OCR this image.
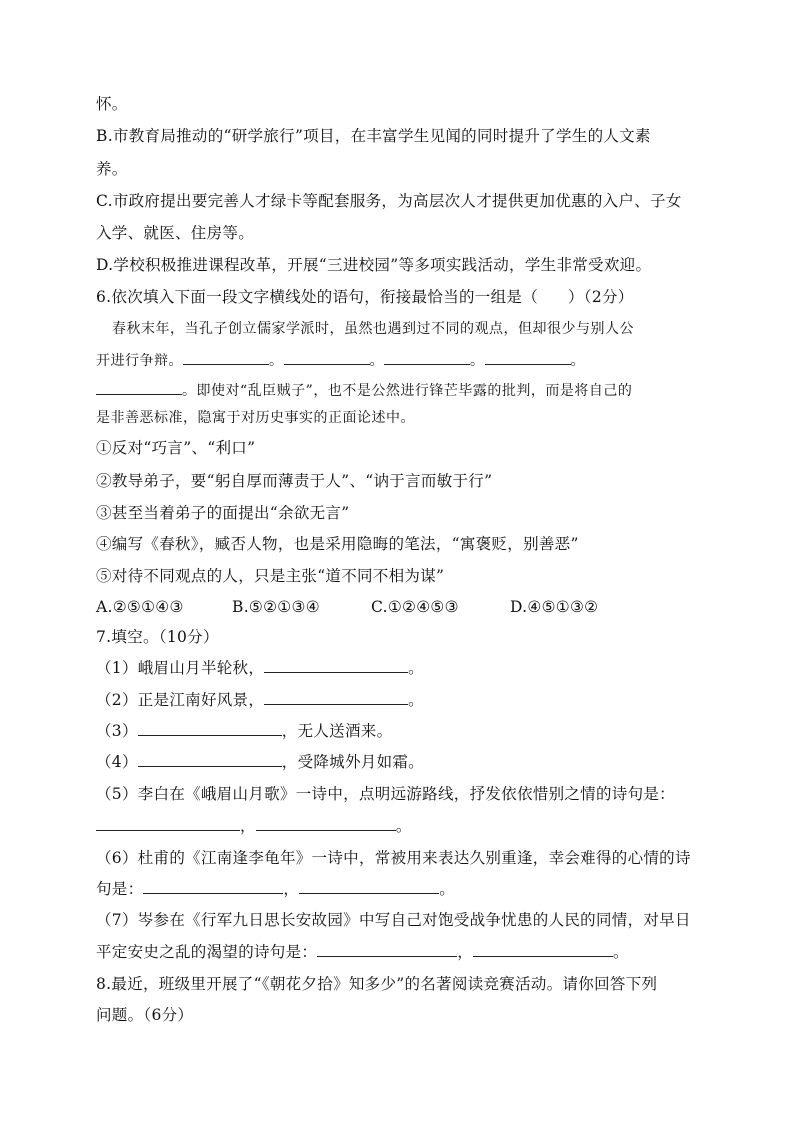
怀。
B.市教育局推动的“研学旅行”项目，在丰富学生见闻的同时提升了学生的人文素
养。
C.市政府提出要完善人才绿卡等配套服务，为高层次人才提供更加优惠的入户、子女
入学、就医、住房等。
D.学校积极推进课程改革，开展“三进校园”等多项实践活动，学生非常受欢迎。
6.依次填入下面一段文字横线处的语句，衔接最恰当的一组是（ ）（2分）
春秋末年，当孔子创立儒家学派时，虽然也遇到过不同的观点，但却很少与别人公
开进行争辩。	。	。	。	。
。即使对“乱臣贼子”，也不是公然进行锋芒毕露的批判，而是将自己的
是非善恶标准，隐寓于对历史事实的正面论述中。
①反对“巧言”、“利口”
②教导弟子，要“躬自厚而薄责于人”、“讷于言而敏于行”
③甚至当着弟子的面提出“余欲无言”
④编写《春秋》，臧否人物，也是采用隐晦的笔法，“寓褒贬，别善恶”
⑤对待不同观点的人，只是主张“道不同不相为谋”
A.②⑤①④③	B.⑤②①③④	C.①②④⑤③	D.④⑤①③②
7.填空。（10分）
（1）峨眉山月半轮秋，	。
（2）正是江南好风景，	。
（3）	，无人送酒来。
（4）	，受降城外月如霜。
（5）李白在《峨眉山月歌》一诗中，点明远游路线，抒发依依惜别之情的诗句是：
，	。
（6）杜甫的《江南逢李龟年》一诗中，常被用来表达久别重逢，幸会难得的心情的诗
句是：	，	。
（7）岑参在《行军九日思长安故园》中写自己对饱受战争忧患的人民的同情，对早日
平定安史之乱的渴望的诗句是：	，	。
8.最近，班级里开展了“《朝花夕拾》知多少”的名著阅读竞赛活动。请你回答下列
问题。（6分）
